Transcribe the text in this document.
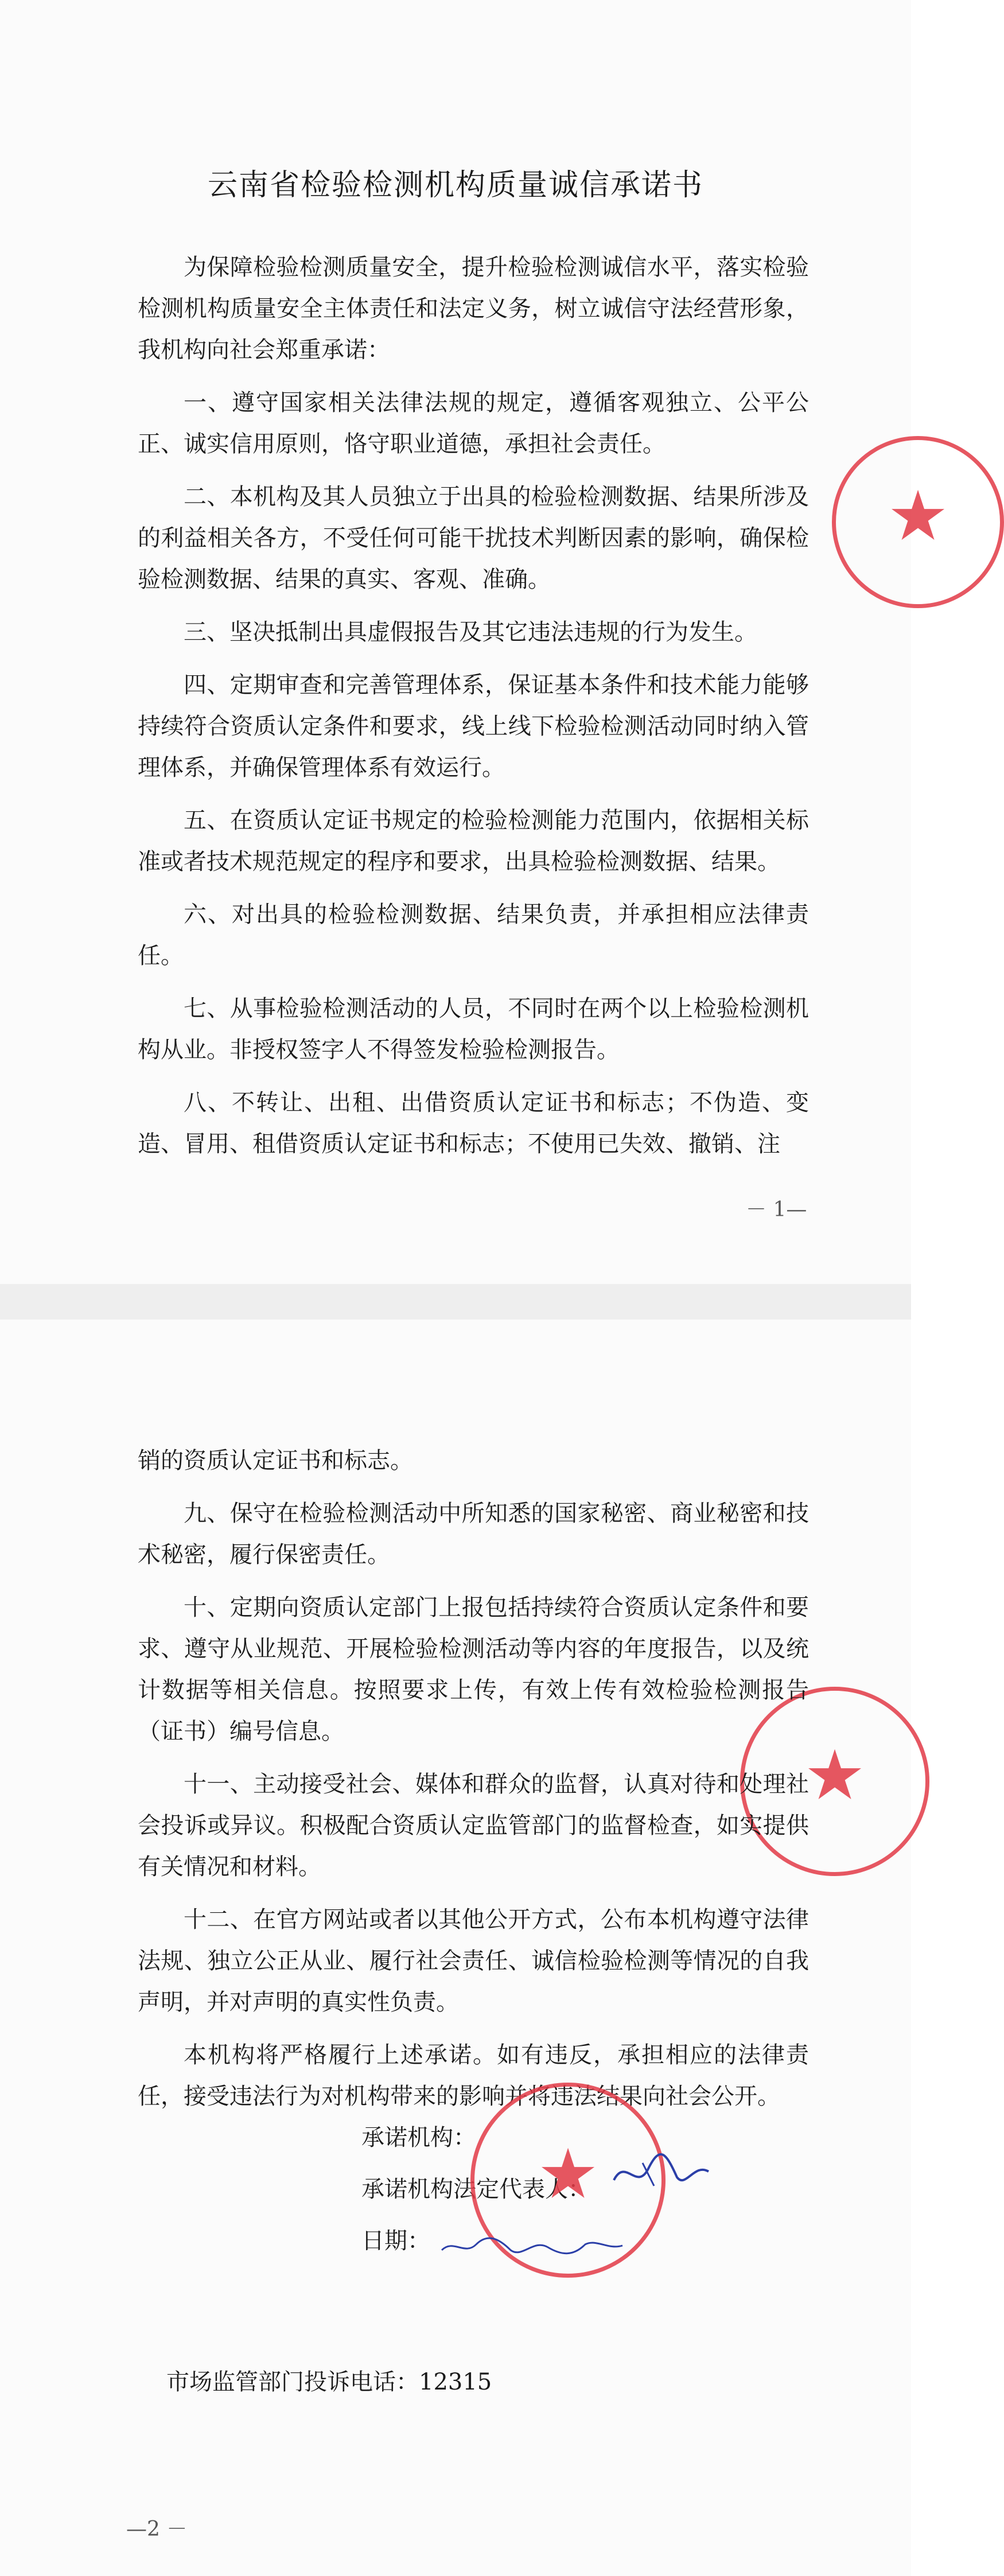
云南省检验检测机构质量诚信承诺书

为保障检验检测质量安全，提升检验检测诚信水平，落实检验检测机构质量安全主体责任和法定义务，树立诚信守法经营形象，我机构向社会郑重承诺：

一、遵守国家相关法律法规的规定，遵循客观独立、公平公正、诚实信用原则，恪守职业道德，承担社会责任。

二、本机构及其人员独立于出具的检验检测数据、结果所涉及的利益相关各方，不受任何可能干扰技术判断因素的影响，确保检验检测数据、结果的真实、客观、准确。

三、坚决抵制出具虚假报告及其它违法违规的行为发生。

四、定期审查和完善管理体系，保证基本条件和技术能力能够持续符合资质认定条件和要求，线上线下检验检测活动同时纳入管理体系，并确保管理体系有效运行。

五、在资质认定证书规定的检验检测能力范围内，依据相关标准或者技术规范规定的程序和要求，出具检验检测数据、结果。

六、对出具的检验检测数据、结果负责，并承担相应法律责任。

七、从事检验检测活动的人员，不同时在两个以上检验检测机构从业。非授权签字人不得签发检验检测报告。

八、不转让、出租、出借资质认定证书和标志；不伪造、变造、冒用、租借资质认定证书和标志；不使用已失效、撤销、注

★
－ 1—
★

销的资质认定证书和标志。

九、保守在检验检测活动中所知悉的国家秘密、商业秘密和技术秘密，履行保密责任。

十、定期向资质认定部门上报包括持续符合资质认定条件和要求、遵守从业规范、开展检验检测活动等内容的年度报告，以及统计数据等相关信息。按照要求上传，有效上传有效检验检测报告（证书）编号信息。

十一、主动接受社会、媒体和群众的监督，认真对待和处理社会投诉或异议。积极配合资质认定监管部门的监督检查，如实提供有关情况和材料。

十二、在官方网站或者以其他公开方式，公布本机构遵守法律法规、独立公正从业、履行社会责任、诚信检验检测等情况的自我声明，并对声明的真实性负责。

本机构将严格履行上述承诺。如有违反，承担相应的法律责任，接受违法行为对机构带来的影响并将违法结果向社会公开。

承诺机构：
承诺机构法定代表人：
日期：
★
市场监管部门投诉电话：12315
—2 －
